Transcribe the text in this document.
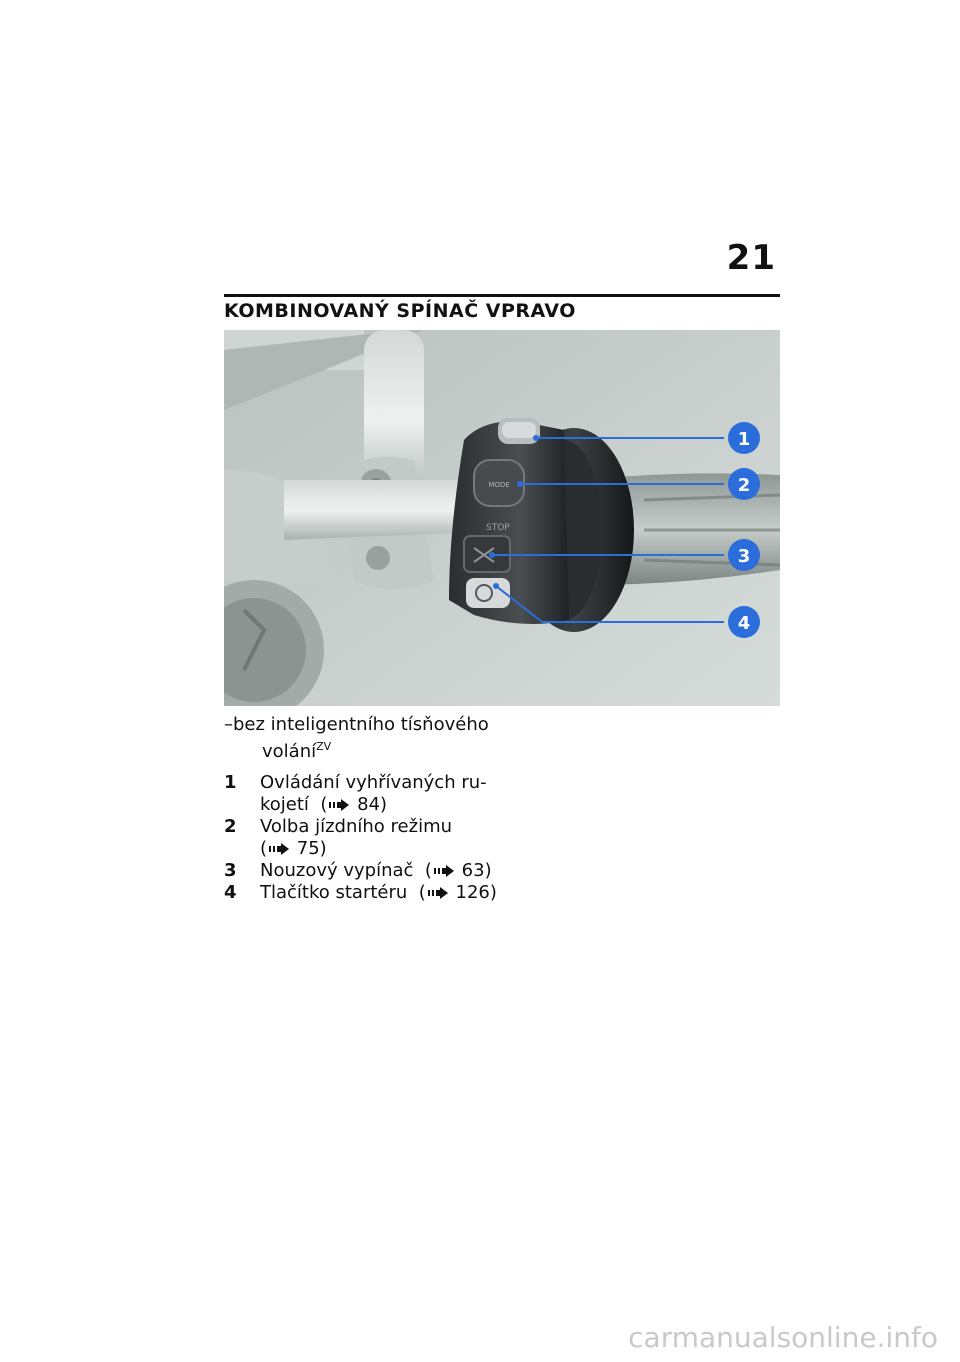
21
KOMBINOVANÝ SPÍNAČ VPRAVO
MODE
STOP
1
2
3
4
–bez inteligentního tísňového
volání$^{ZV}$
1	Ovládání vyhřívaných ru-
kojetí  ( 84)
2	Volba jízdního režimu
( 75)
3	Nouzový vypínač  ( 63)
4	Tlačítko startéru  ( 126)
carmanualsonline.info
